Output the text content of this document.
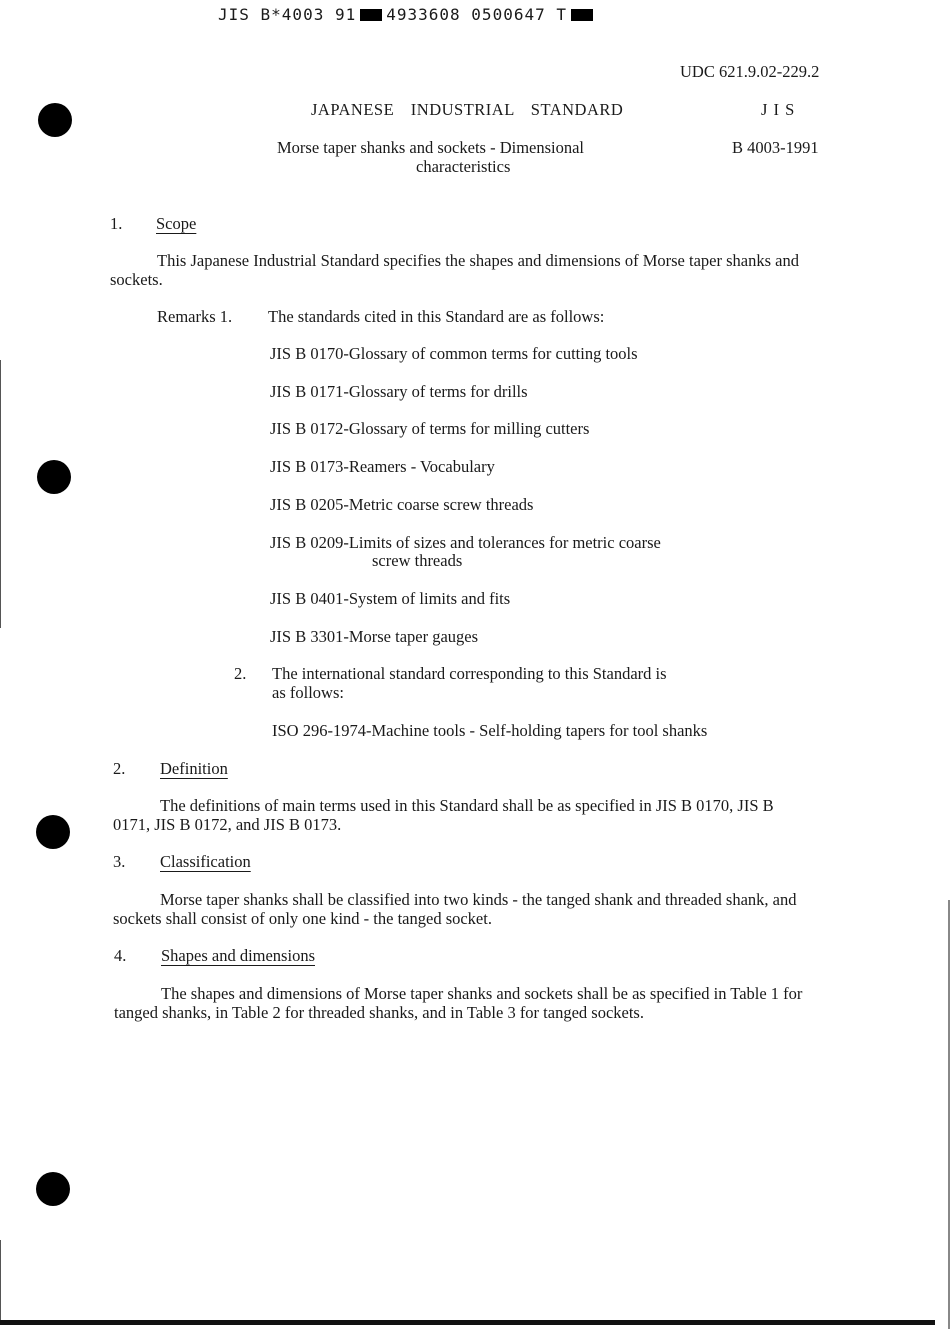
JIS B*4003 91 4933608 0500647 T
UDC 621.9.02-229.2
JAPANESE INDUSTRIAL STANDARD	J I S
Morse taper shanks and sockets - Dimensional
characteristics
B 4003-1991
1. Scope
This Japanese Industrial Standard specifies the shapes and dimensions of Morse taper shanks and sockets.
Remarks 1. The standards cited in this Standard are as follows:
JIS B 0170-Glossary of common terms for cutting tools
JIS B 0171-Glossary of terms for drills
JIS B 0172-Glossary of terms for milling cutters
JIS B 0173-Reamers - Vocabulary
JIS B 0205-Metric coarse screw threads
JIS B 0209-Limits of sizes and tolerances for metric coarse
screw threads
JIS B 0401-System of limits and fits
JIS B 3301-Morse taper gauges
2. The international standard corresponding to this Standard is
as follows:
ISO 296-1974-Machine tools - Self-holding tapers for tool shanks
2. Definition
The definitions of main terms used in this Standard shall be as specified in JIS B 0170, JIS B 0171, JIS B 0172, and JIS B 0173.
3. Classification
Morse taper shanks shall be classified into two kinds - the tanged shank and threaded shank, and sockets shall consist of only one kind - the tanged socket.
4. Shapes and dimensions
The shapes and dimensions of Morse taper shanks and sockets shall be as specified in Table 1 for tanged shanks, in Table 2 for threaded shanks, and in Table 3 for tanged sockets.
